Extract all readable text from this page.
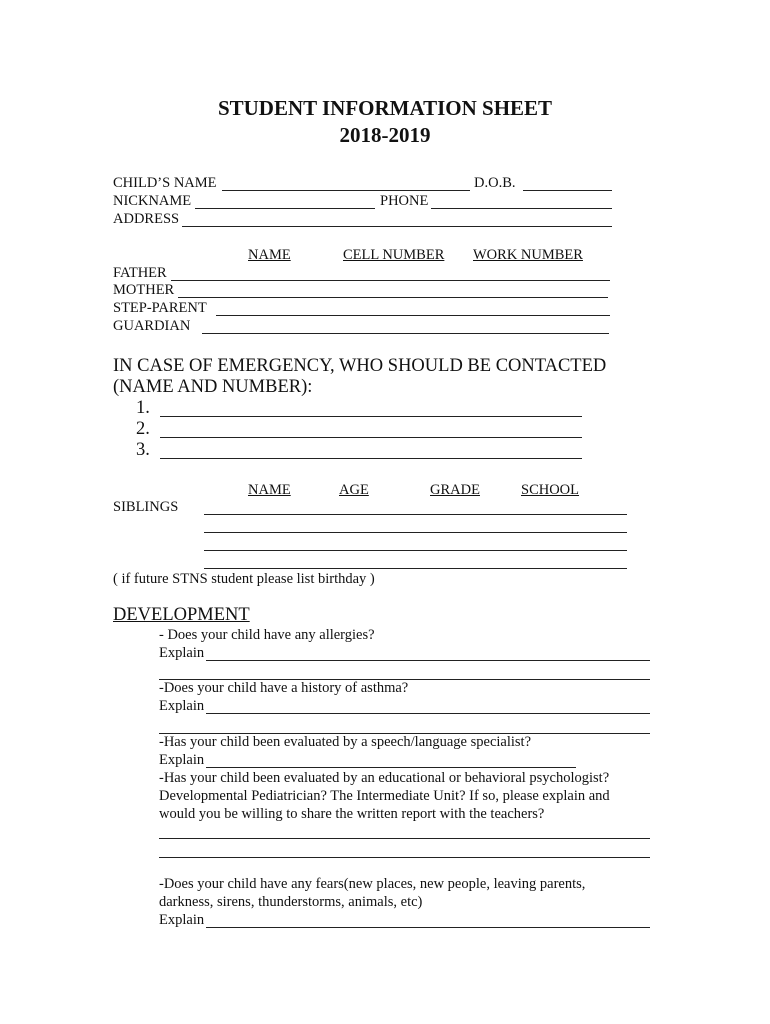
STUDENT INFORMATION SHEET
2018-2019
CHILD’S NAME	D.O.B.
NICKNAME	PHONE
ADDRESS
NAME	CELL NUMBER WORK NUMBER
FATHER
MOTHER
STEP-PARENT
GUARDIAN
IN CASE OF EMERGENCY, WHO SHOULD BE CONTACTED
(NAME AND NUMBER):
1.
2.
3.
NAME	AGE	GRADE	SCHOOL
SIBLINGS
( if future STNS student please list birthday )
DEVELOPMENT
- Does your child have any allergies?
Explain
-Does your child have a history of asthma?
Explain
-Has your child been evaluated by a speech/language specialist?
Explain
-Has your child been evaluated by an educational or behavioral psychologist?
Developmental Pediatrician? The Intermediate Unit? If so, please explain and
would you be willing to share the written report with the teachers?
-Does your child have any fears(new places, new people, leaving parents,
darkness, sirens, thunderstorms, animals, etc)
Explain
